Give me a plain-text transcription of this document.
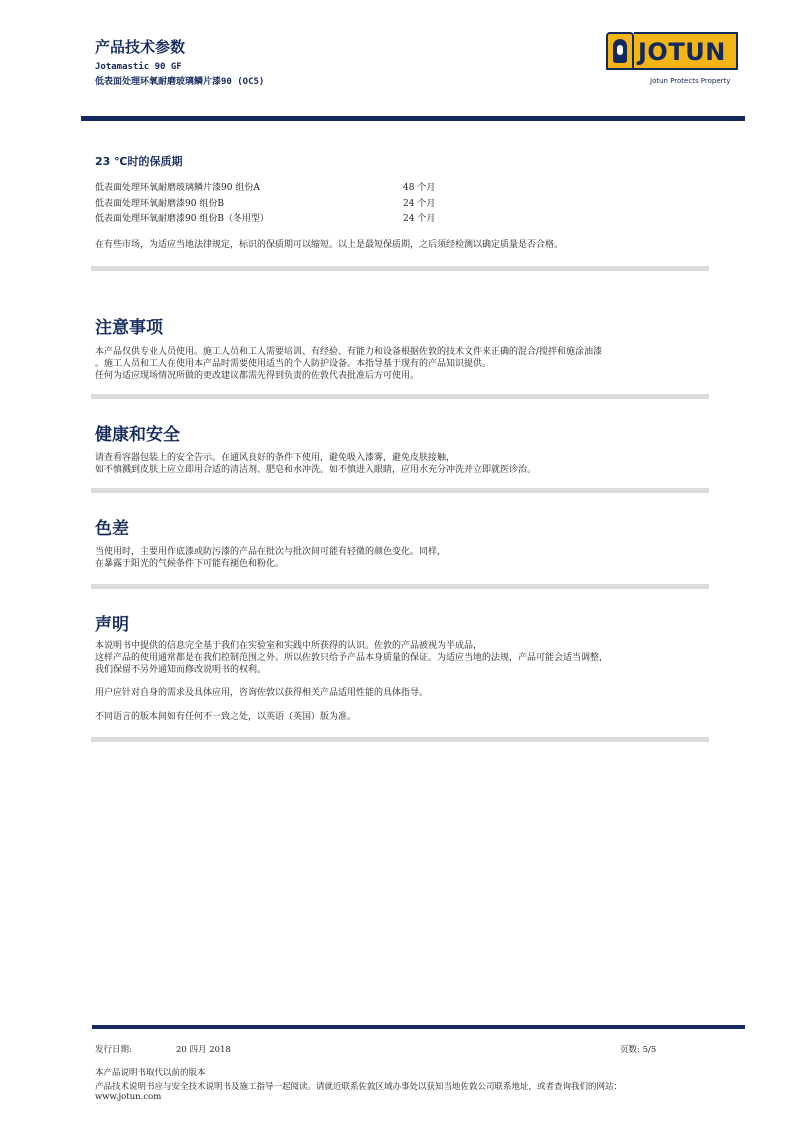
产品技术参数
Jotamastic 90 GF
低表面处理环氧耐磨玻璃鳞片漆90 (OC5)
JOTUN
Jotun Protects Property
23 ℃时的保质期
低表面处理环氧耐磨玻璃鳞片漆90 组份A	48 个月
低表面处理环氧耐磨漆90 组份B	24 个月
低表面处理环氧耐磨漆90 组份B（冬用型）	24 个月
在有些市场，为适应当地法律规定，标识的保质期可以缩短。以上是最短保质期，之后须经检测以确定质量是否合格。
注意事项
本产品仅供专业人员使用。施工人员和工人需要培训、有经验、有能力和设备根据佐敦的技术文件来正确的混合/搅拌和施涂油漆
。施工人员和工人在使用本产品时需要使用适当的个人防护设备。本指导基于现有的产品知识提供。
任何为适应现场情况所做的更改建议都需先得到负责的佐敦代表批准后方可使用。
健康和安全
请查看容器包装上的安全告示。在通风良好的条件下使用，避免吸入漆雾，避免皮肤接触，
如不慎溅到皮肤上应立即用合适的清洁剂、肥皂和水冲洗。如不慎进入眼睛，应用水充分冲洗并立即就医诊治。
色差
当使用时，主要用作底漆或防污漆的产品在批次与批次间可能有轻微的颜色变化。同样，
在暴露于阳光的气候条件下可能有褪色和粉化。
声明
本说明书中提供的信息完全基于我们在实验室和实践中所获得的认识。佐敦的产品被视为半成品，
这样产品的使用通常都是在我们控制范围之外。所以佐敦只给予产品本身质量的保证。为适应当地的法规，产品可能会适当调整，
我们保留不另外通知而修改说明书的权利。
用户应针对自身的需求及具体应用，咨询佐敦以获得相关产品适用性能的具体指导。
不同语言的版本间如有任何不一致之处，以英语（英国）版为准。
发行日期:	20 四月 2018	页数: 5/5
本产品说明书取代以前的版本
产品技术说明书应与安全技术说明书及施工指导一起阅读。请就近联系佐敦区域办事处以获知当地佐敦公司联系地址，或者查询我们的网站：
www.jotun.com
